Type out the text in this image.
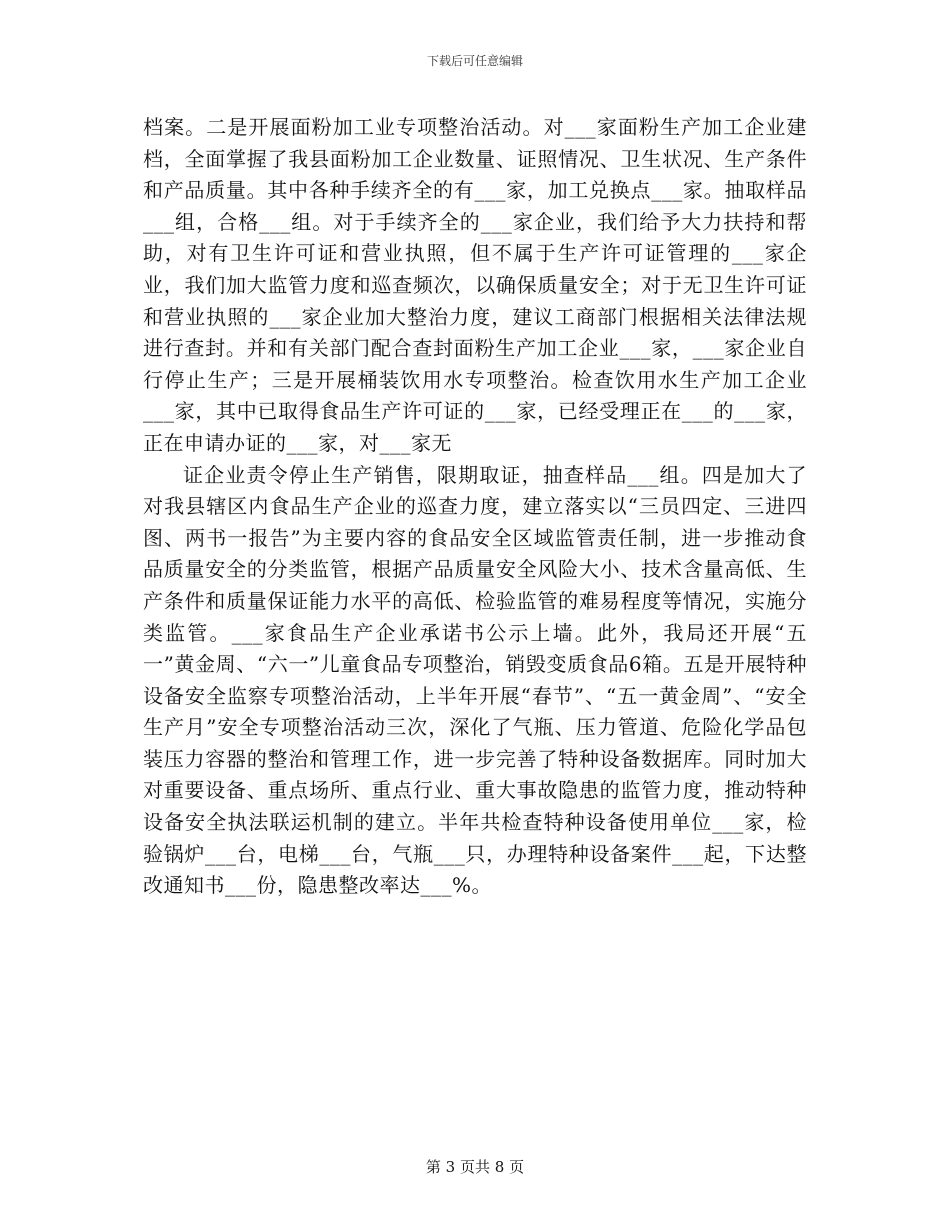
下载后可任意编辑

档案。二是开展面粉加工业专项整治活动。对___家面粉生产加工企业建档，全面掌握了我县面粉加工企业数量、证照情况、卫生状况、生产条件和产品质量。其中各种手续齐全的有___家，加工兑换点___家。抽取样品___组，合格___组。对于手续齐全的___家企业，我们给予大力扶持和帮助，对有卫生许可证和营业执照，但不属于生产许可证管理的___家企业，我们加大监管力度和巡查频次，以确保质量安全；对于无卫生许可证和营业执照的___家企业加大整治力度，建议工商部门根据相关法律法规进行查封。并和有关部门配合查封面粉生产加工企业___家，___家企业自行停止生产；三是开展桶装饮用水专项整治。检查饮用水生产加工企业___家，其中已取得食品生产许可证的___家，已经受理正在___的___家，正在申请办证的___家，对___家无

证企业责令停止生产销售，限期取证，抽查样品___组。四是加大了对我县辖区内食品生产企业的巡查力度，建立落实以“三员四定、三进四图、两书一报告”为主要内容的食品安全区域监管责任制，进一步推动食品质量安全的分类监管，根据产品质量安全风险大小、技术含量高低、生产条件和质量保证能力水平的高低、检验监管的难易程度等情况，实施分类监管。___家食品生产企业承诺书公示上墙。此外，我局还开展“五一”黄金周、“六一”儿童食品专项整治，销毁变质食品6箱。五是开展特种设备安全监察专项整治活动，上半年开展“春节”、“五一黄金周”、“安全生产月”安全专项整治活动三次，深化了气瓶、压力管道、危险化学品包装压力容器的整治和管理工作，进一步完善了特种设备数据库。同时加大对重要设备、重点场所、重点行业、重大事故隐患的监管力度，推动特种设备安全执法联运机制的建立。半年共检查特种设备使用单位___家，检验锅炉___台，电梯___台，气瓶___只，办理特种设备案件___起，下达整改通知书___份，隐患整改率达___%。

第 3 页共 8 页
